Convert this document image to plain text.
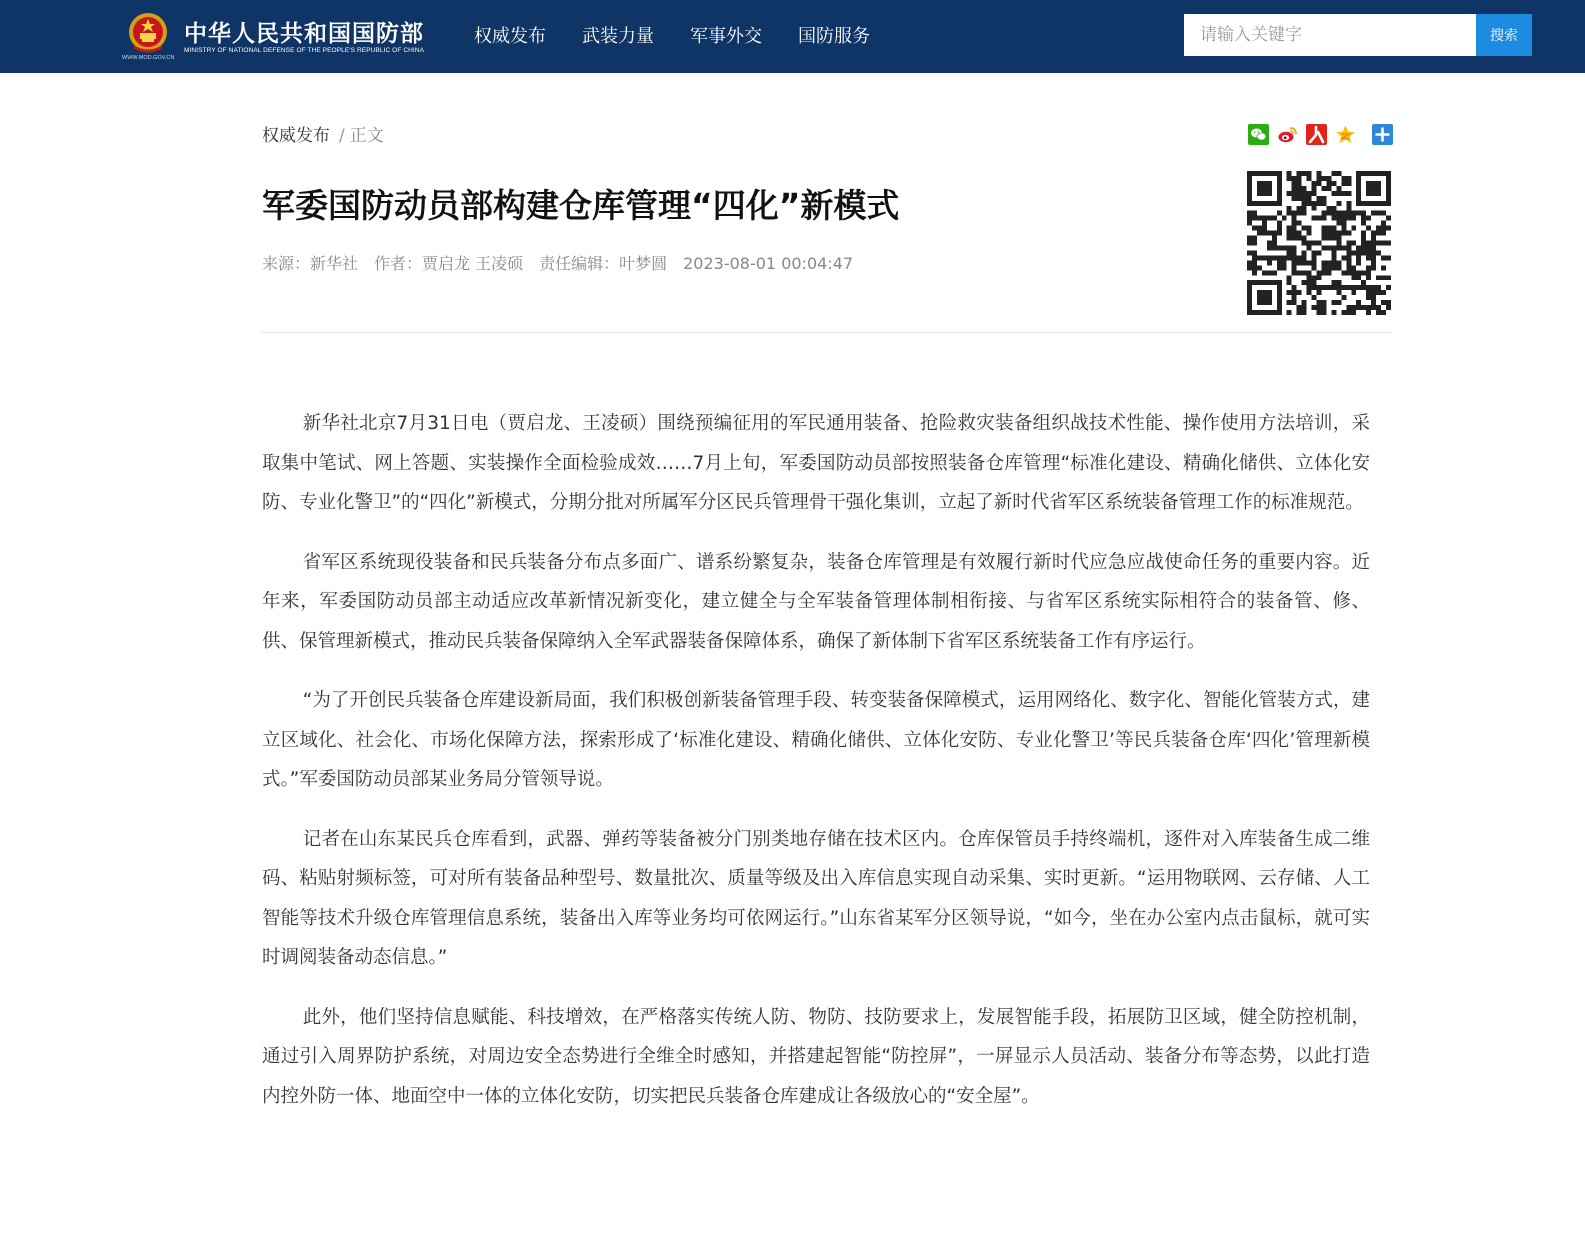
中华人民共和国国防部
MINISTRY OF NATIONAL DEFENSE OF THE PEOPLE'S REPUBLIC OF CHINA
WWW.MOD.GOV.CN
权威发布 武装力量 军事外交 国防服务
请输入关键字	搜索
权威发布 / 正文
军委国防动员部构建仓库管理“四化”新模式
来源：新华社 作者：贾启龙 王凌硕 责任编辑：叶梦圆 2023-08-01 00:04:47

新华社北京7月31日电（贾启龙、王凌硕）围绕预编征用的军民通用装备、抢险救灾装备组织战技术性能、操作使用方法培训，采取集中笔试、网上答题、实装操作全面检验成效……7月上旬，军委国防动员部按照装备仓库管理“标准化建设、精确化储供、立体化安防、专业化警卫”的“四化”新模式，分期分批对所属军分区民兵管理骨干强化集训，立起了新时代省军区系统装备管理工作的标准规范。

省军区系统现役装备和民兵装备分布点多面广、谱系纷繁复杂，装备仓库管理是有效履行新时代应急应战使命任务的重要内容。近年来，军委国防动员部主动适应改革新情况新变化，建立健全与全军装备管理体制相衔接、与省军区系统实际相符合的装备管、修、供、保管理新模式，推动民兵装备保障纳入全军武器装备保障体系，确保了新体制下省军区系统装备工作有序运行。

“为了开创民兵装备仓库建设新局面，我们积极创新装备管理手段、转变装备保障模式，运用网络化、数字化、智能化管装方式，建立区域化、社会化、市场化保障方法，探索形成了‘标准化建设、精确化储供、立体化安防、专业化警卫’等民兵装备仓库‘四化’管理新模式。”军委国防动员部某业务局分管领导说。

记者在山东某民兵仓库看到，武器、弹药等装备被分门别类地存储在技术区内。仓库保管员手持终端机，逐件对入库装备生成二维码、粘贴射频标签，可对所有装备品种型号、数量批次、质量等级及出入库信息实现自动采集、实时更新。“运用物联网、云存储、人工智能等技术升级仓库管理信息系统，装备出入库等业务均可依网运行。”山东省某军分区领导说，“如今，坐在办公室内点击鼠标，就可实时调阅装备动态信息。”

此外，他们坚持信息赋能、科技增效，在严格落实传统人防、物防、技防要求上，发展智能手段，拓展防卫区域，健全防控机制，通过引入周界防护系统，对周边安全态势进行全维全时感知，并搭建起智能“防控屏”，一屏显示人员活动、装备分布等态势，以此打造内控外防一体、地面空中一体的立体化安防，切实把民兵装备仓库建成让各级放心的“安全屋”。
